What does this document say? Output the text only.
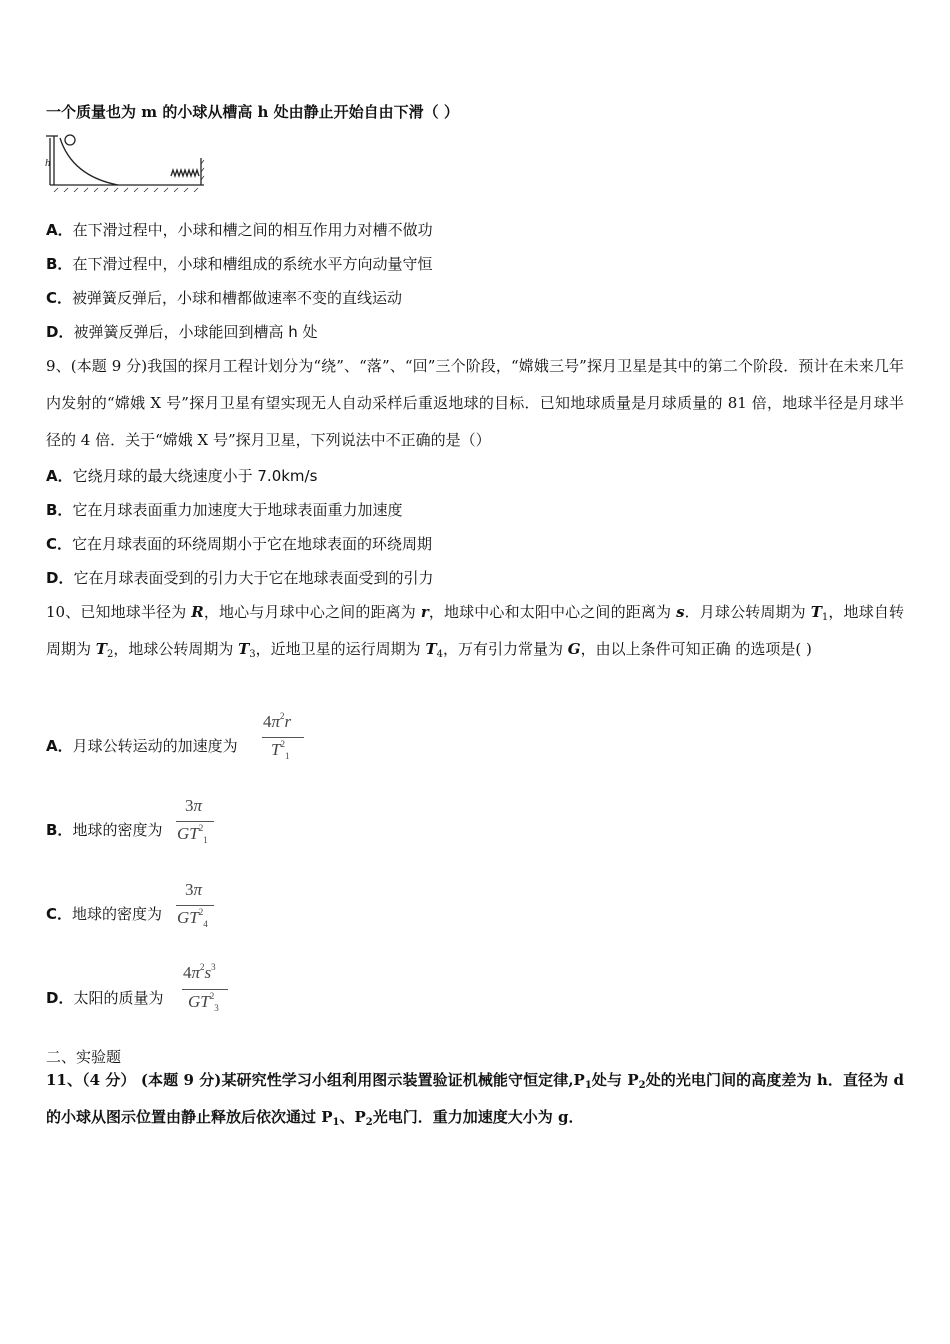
一个质量也为 m 的小球从槽高 h 处由静止开始自由下滑（ ）
h
A．在下滑过程中，小球和槽之间的相互作用力对槽不做功
B．在下滑过程中，小球和槽组成的系统水平方向动量守恒
C．被弹簧反弹后，小球和槽都做速率不变的直线运动
D．被弹簧反弹后，小球能回到槽高 h 处
9、(本题 9 分)我国的探月工程计划分为“绕”、“落”、“回”三个阶段，“嫦娥三号”探月卫星是其中的第二个阶段．预计在未来几年内发射的“嫦娥 X 号”探月卫星有望实现无人自动采样后重返地球的目标．已知地球质量是月球质量的 81 倍，地球半径是月球半径的 4 倍．关于“嫦娥 X 号”探月卫星，下列说法中不正确的是（）
A．它绕月球的最大绕速度小于 7.0km/s
B．它在月球表面重力加速度大于地球表面重力加速度
C．它在月球表面的环绕周期小于它在地球表面的环绕周期
D．它在月球表面受到的引力大于它在地球表面受到的引力
10、已知地球半径为 R，地心与月球中心之间的距离为 r，地球中心和太阳中心之间的距离为 s．月球公转周期为 $T_1$，地球自转周期为 $T_2$，地球公转周期为 $T_3$，近地卫星的运行周期为 $T_4$，万有引力常量为 G，由以上条件可知正确 的选项是( )
A．月球公转运动的加速度为
$4\pi^2r$
$T^2_1$
B．地球的密度为
3π
$GT^2_1$
C．地球的密度为
3π
$GT^2_4$
D．太阳的质量为
$4\pi^2s^3$
$GT^2_3$
二、实验题
11、（4 分） (本题 9 分)某研究性学习小组利用图示装置验证机械能守恒定律$,P_1$处与 $P_2$处的光电门间的高度差为 h．直径为 d 的小球从图示位置由静止释放后依次通过 $P_1$、$P_2$光电门．重力加速度大小为 g．
